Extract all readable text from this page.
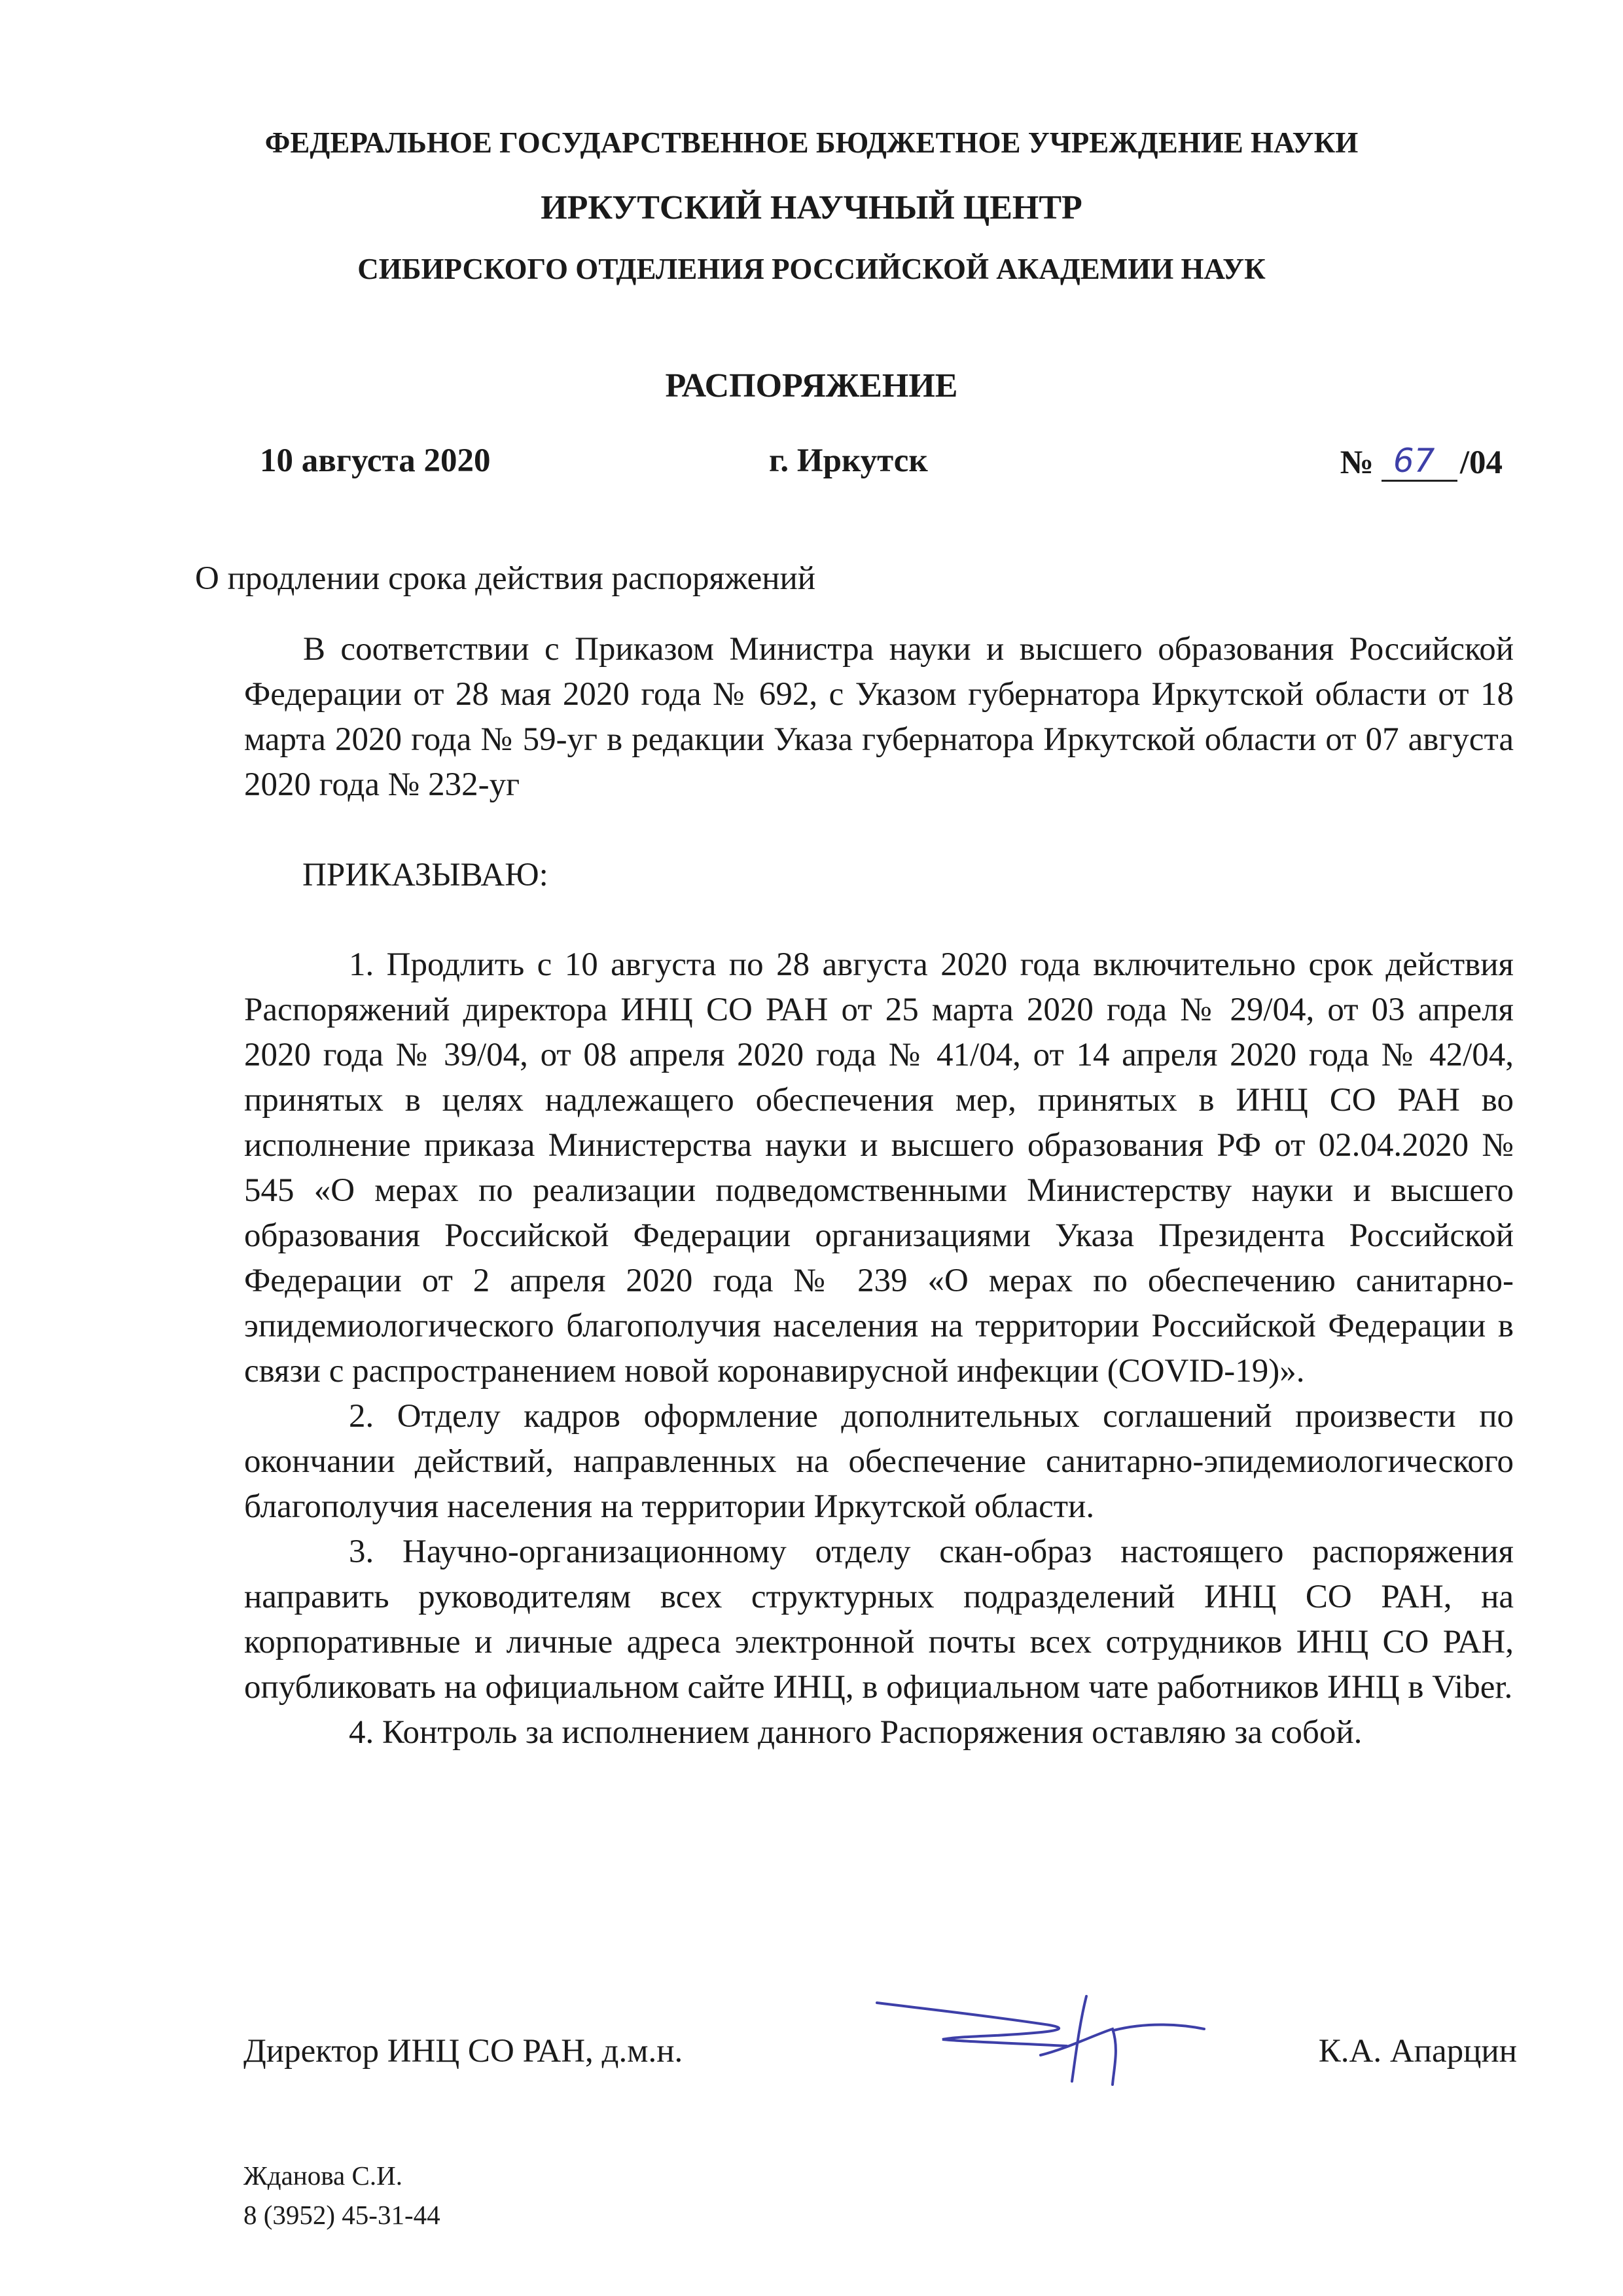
ФЕДЕРАЛЬНОЕ ГОСУДАРСТВЕННОЕ БЮДЖЕТНОЕ УЧРЕЖДЕНИЕ НАУКИ
ИРКУТСКИЙ НАУЧНЫЙ ЦЕНТР
СИБИРСКОГО ОТДЕЛЕНИЯ РОССИЙСКОЙ АКАДЕМИИ НАУК
РАСПОРЯЖЕНИЕ
10 августа 2020	г. Иркутск	№ 67 /04
О продлении срока действия распоряжений
В соответствии с Приказом Министра науки и высшего образования Российской Федерации от 28 мая 2020 года № 692, с Указом губернатора Иркутской области от 18 марта 2020 года № 59-уг в редакции Указа губернатора Иркутской области от 07 августа 2020 года № 232-уг
ПРИКАЗЫВАЮ:
1. Продлить с 10 августа по 28 августа 2020 года включительно срок действия Распоряжений директора ИНЦ СО РАН от 25 марта 2020 года № 29/04, от 03 апреля 2020 года № 39/04, от 08 апреля 2020 года № 41/04, от 14 апреля 2020 года № 42/04, принятых в целях надлежащего обеспечения мер, принятых в ИНЦ СО РАН во исполнение приказа Министерства науки и высшего образования РФ от 02.04.2020 № 545 «О мерах по реализации подведомственными Министерству науки и высшего образования Российской Федерации организациями Указа Президента Российской Федерации от 2 апреля 2020 года № 239 «О мерах по обеспечению санитарно-эпидемиологического благополучия населения на территории Российской Федерации в связи с распространением новой коронавирусной инфекции (COVID-19)».
2. Отделу кадров оформление дополнительных соглашений произвести по окончании действий, направленных на обеспечение санитарно-эпидемиологического благополучия населения на территории Иркутской области.
3. Научно-организационному отделу скан-образ настоящего распоряжения направить руководителям всех структурных подразделений ИНЦ СО РАН, на корпоративные и личные адреса электронной почты всех сотрудников ИНЦ СО РАН, опубликовать на официальном сайте ИНЦ, в официальном чате работников ИНЦ в Viber.
4. Контроль за исполнением данного Распоряжения оставляю за собой.
Директор ИНЦ СО РАН, д.м.н.	К.А. Апарцин
Жданова С.И.
8 (3952) 45-31-44
